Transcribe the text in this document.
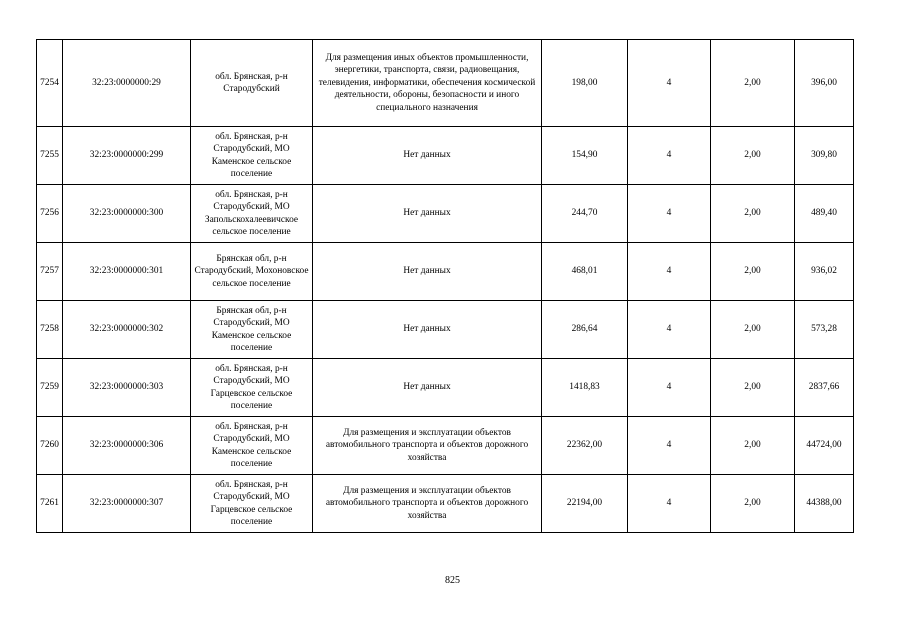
7254	32:23:0000000:29	обл. Брянская, р-н Стародубский	Для размещения иных объектов промышленности, энергетики, транспорта, связи, радиовещания, телевидения, информатики, обеспечения космической деятельности, обороны, безопасности и иного специального назначения	198,00	4	2,00	396,00
7255	32:23:0000000:299	обл. Брянская, р-н Стародубский, МО Каменское сельское поселение	Нет данных	154,90	4	2,00	309,80
7256	32:23:0000000:300	обл. Брянская, р-н Стародубский, МО Запольскохалеевичское сельское поселение	Нет данных	244,70	4	2,00	489,40
7257	32:23:0000000:301	Брянская обл, р-н Стародубский, Мохоновское сельское поселение	Нет данных	468,01	4	2,00	936,02
7258	32:23:0000000:302	Брянская обл, р-н Стародубский, МО Каменское сельское поселение	Нет данных	286,64	4	2,00	573,28
7259	32:23:0000000:303	обл. Брянская, р-н Стародубский, МО Гарцевское сельское поселение	Нет данных	1418,83	4	2,00	2837,66
7260	32:23:0000000:306	обл. Брянская, р-н Стародубский, МО Каменское сельское поселение	Для размещения и эксплуатации объектов автомобильного транспорта и объектов дорожного хозяйства	22362,00	4	2,00	44724,00
7261	32:23:0000000:307	обл. Брянская, р-н Стародубский, МО Гарцевское сельское поселение	Для размещения и эксплуатации объектов автомобильного транспорта и объектов дорожного хозяйства	22194,00	4	2,00	44388,00
825
